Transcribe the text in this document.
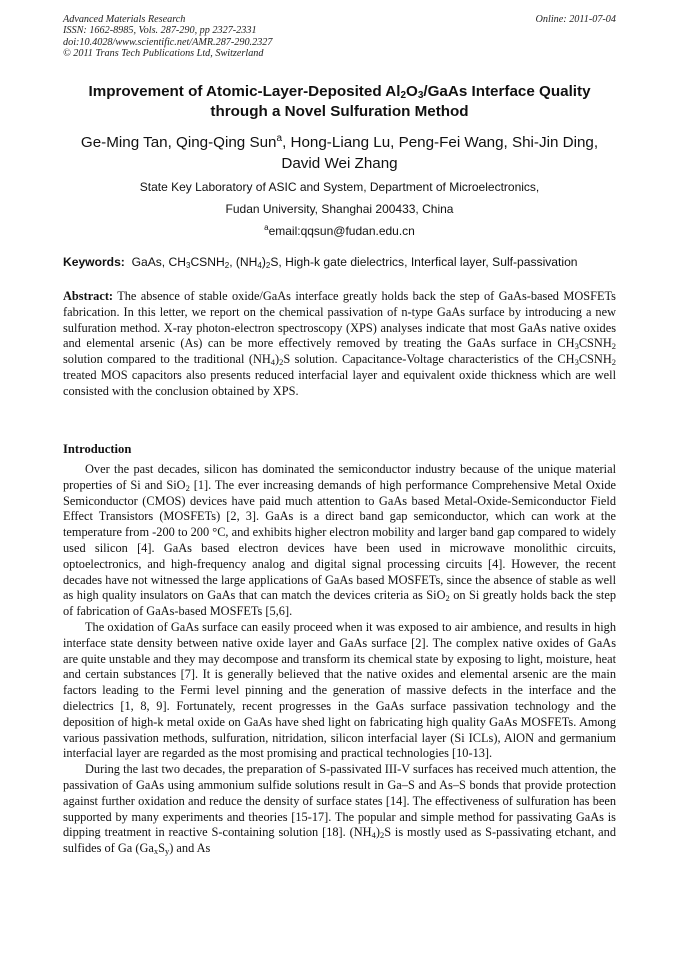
Advanced Materials Research
ISSN: 1662-8985, Vols. 287-290, pp 2327-2331
doi:10.4028/www.scientific.net/AMR.287-290.2327
© 2011 Trans Tech Publications Ltd, Switzerland
Online: 2011-07-04
Improvement of Atomic-Layer-Deposited $Al_2O_3$/GaAs Interface Quality
through a Novel Sulfuration Method
Ge-Ming Tan, Qing-Qing Sun$^a$, Hong-Liang Lu, Peng-Fei Wang, Shi-Jin Ding,
David Wei Zhang
State Key Laboratory of ASIC and System, Department of Microelectronics,
Fudan University, Shanghai 200433, China
$^a$email:qqsun@fudan.edu.cn
Keywords: GaAs, $CH_3CSNH_2$, $(NH_4)_2S$, High-k gate dielectrics, Interfical layer, Sulf-passivation
Abstract: The absence of stable oxide/GaAs interface greatly holds back the step of GaAs-based MOSFETs fabrication. In this letter, we report on the chemical passivation of n-type GaAs surface by introducing a new sulfuration method. X-ray photon-electron spectroscopy (XPS) analyses indicate that most GaAs native oxides and elemental arsenic (As) can be more effectively removed by treating the GaAs surface in $CH_3CSNH_2$ solution compared to the traditional $(NH_4)_2S$ solution. Capacitance-Voltage characteristics of the $CH_3CSNH_2$ treated MOS capacitors also presents reduced interfacial layer and equivalent oxide thickness which are well consisted with the conclusion obtained by XPS.
Introduction

Over the past decades, silicon has dominated the semiconductor industry because of the unique material properties of Si and SiO$_2$ [1]. The ever increasing demands of high performance Comprehensive Metal Oxide Semiconductor (CMOS) devices have paid much attention to GaAs based Metal-Oxide-Semiconductor Field Effect Transistors (MOSFETs) [2, 3]. GaAs is a direct band gap semiconductor, which can work at the temperature from -200 to 200 °C, and exhibits higher electron mobility and larger band gap compared to widely used silicon [4]. GaAs based electron devices have been used in microwave monolithic circuits, optoelectronics, and high-frequency analog and digital signal processing circuits [4]. However, the recent decades have not witnessed the large applications of GaAs based MOSFETs, since the absence of stable as well as high quality insulators on GaAs that can match the devices criteria as SiO$_2$ on Si greatly holds back the step of fabrication of GaAs-based MOSFETs [5,6].

The oxidation of GaAs surface can easily proceed when it was exposed to air ambience, and results in high interface state density between native oxide layer and GaAs surface [2]. The complex native oxides of GaAs are quite unstable and they may decompose and transform its chemical state by exposing to light, moisture, heat and certain substances [7]. It is generally believed that the native oxides and elemental arsenic are the main factors leading to the Fermi level pinning and the generation of massive defects in the interface and the dielectrics [1, 8, 9]. Fortunately, recent progresses in the GaAs surface passivation technology and the deposition of high-k metal oxide on GaAs have shed light on fabricating high quality GaAs MOSFETs. Among various passivation methods, sulfuration, nitridation, silicon interfacial layer (Si ICLs), AlON and germanium interfacial layer are regarded as the most promising and practical technologies [10-13].

During the last two decades, the preparation of S-passivated III-V surfaces has received much attention, the passivation of GaAs using ammonium sulfide solutions result in Ga–S and As–S bonds that provide protection against further oxidation and reduce the density of surface states [14]. The effectiveness of sulfuration has been supported by many experiments and theories [15-17]. The popular and simple method for passivating GaAs is dipping treatment in reactive S-containing solution [18]. $(NH_4)_2S$ is mostly used as S-passivating etchant, and sulfides of Ga $(Ga_xS_y)$ and As
